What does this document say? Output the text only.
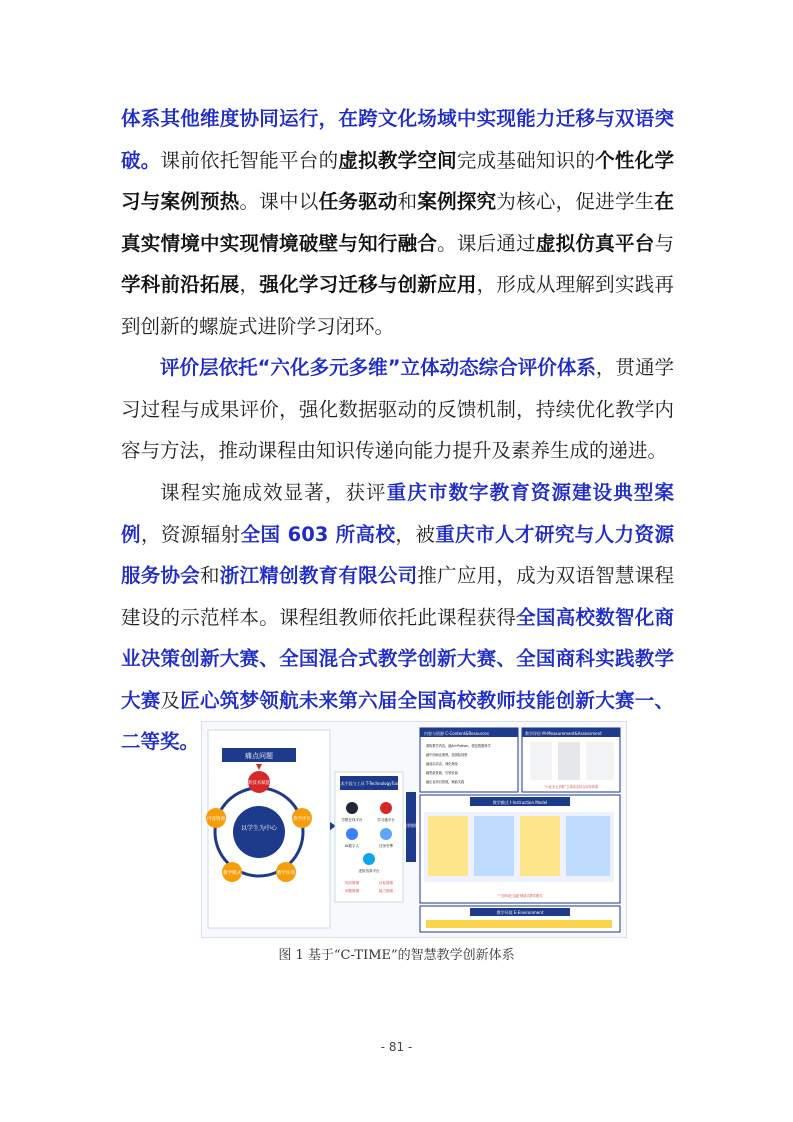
体系其他维度协同运行，在跨文化场域中实现能力迁移与双语突破。课前依托智能平台的虚拟教学空间完成基础知识的个性化学习与案例预热。课中以任务驱动和案例探究为核心，促进学生在真实情境中实现情境破壁与知行融合。课后通过虚拟仿真平台与学科前沿拓展，强化学习迁移与创新应用，形成从理解到实践再到创新的螺旋式进阶学习闭环。
评价层依托“六化多元多维”立体动态综合评价体系，贯通学习过程与成果评价，强化数据驱动的反馈机制，持续优化教学内容与方法，推动课程由知识传递向能力提升及素养生成的递进。
课程实施成效显著，获评重庆市数字教育资源建设典型案例，资源辐射全国 603 所高校，被重庆市人才研究与人力资源服务协会和浙江精创教育有限公司推广应用，成为双语智慧课程建设的示范样本。课程组教师依托此课程获得全国高校数智化商业决策创新大赛、全国混合式教学创新大赛、全国商科实践教学大赛及匠心筑梦领航未来第六届全国高校教师技能创新大赛一、二等奖。
痛点问题
以学生为中心
新技术赋能
内容资源	教学评价
教学模式	教学环境
技术手段与工具 T-TechnologyTools
学银在线平台	学习通平台
AI数字人	任务引擎
虚拟仿真平台
知识图谱	目标图谱
问题图谱	能力图谱
数智赋能
内容与资源 C-Content&Resources
重构教学内容，融AI+Python，强化数据科学
融中西商业案例，拓国际视野
融前沿动态，深化理论
融思政资源，引领价值
融企业项目资源，赋能实践
教学评价 M-Measurement&Assessment
“六化多元多维”立体动态综合评价体系
教学模式 I-Instruction Model
“三阶四化五融”情境式教学模式
教学环境 E-Environment
图 1 基于“C-TIME”的智慧教学创新体系
- 81 -
